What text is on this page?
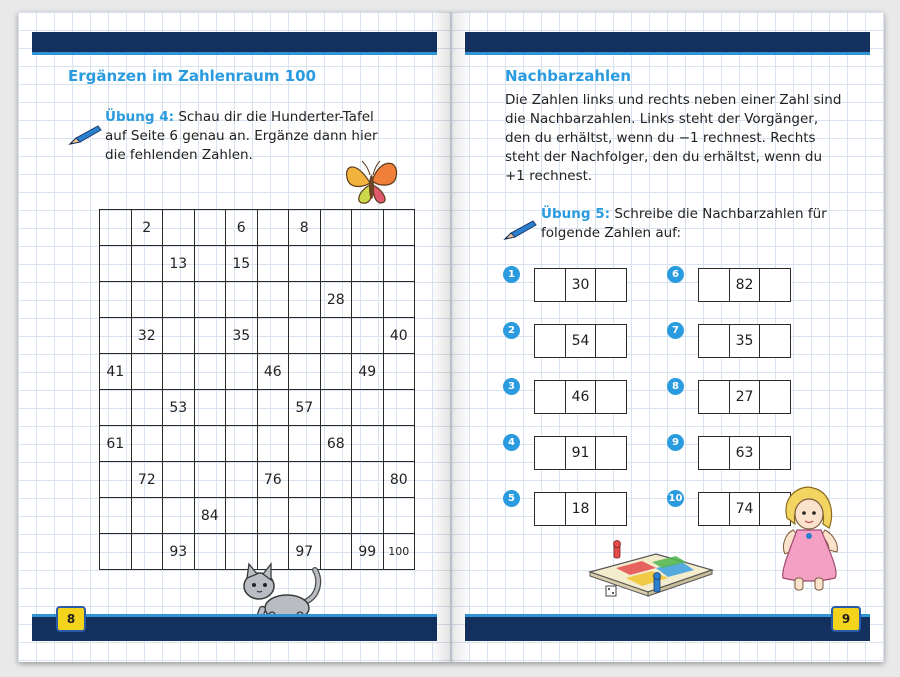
Ergänzen im Zahlenraum 100
Übung 4: Schau dir die Hunderter-Tafel
auf Seite 6 genau an. Ergänze dann hier
die fehlenden Zahlen.
	2			6		8			
		13		15					
							28		
	32			35					40
41					46			49	
		53				57			
61							68		
	72				76				80
			84						
		93				97		99	100
8
Nachbarzahlen
Die Zahlen links und rechts neben einer Zahl sind
die Nachbarzahlen. Links steht der Vorgänger,
den du erhältst, wenn du −1 rechnest. Rechts
steht der Nachfolger, den du erhältst, wenn du
+1 rechnest.
Übung 5: Schreibe die Nachbarzahlen für
folgende Zahlen auf:
1
30
2
54
3
46
4
91
5
18
6
82
7
35
8
27
9
63
10
74
9
